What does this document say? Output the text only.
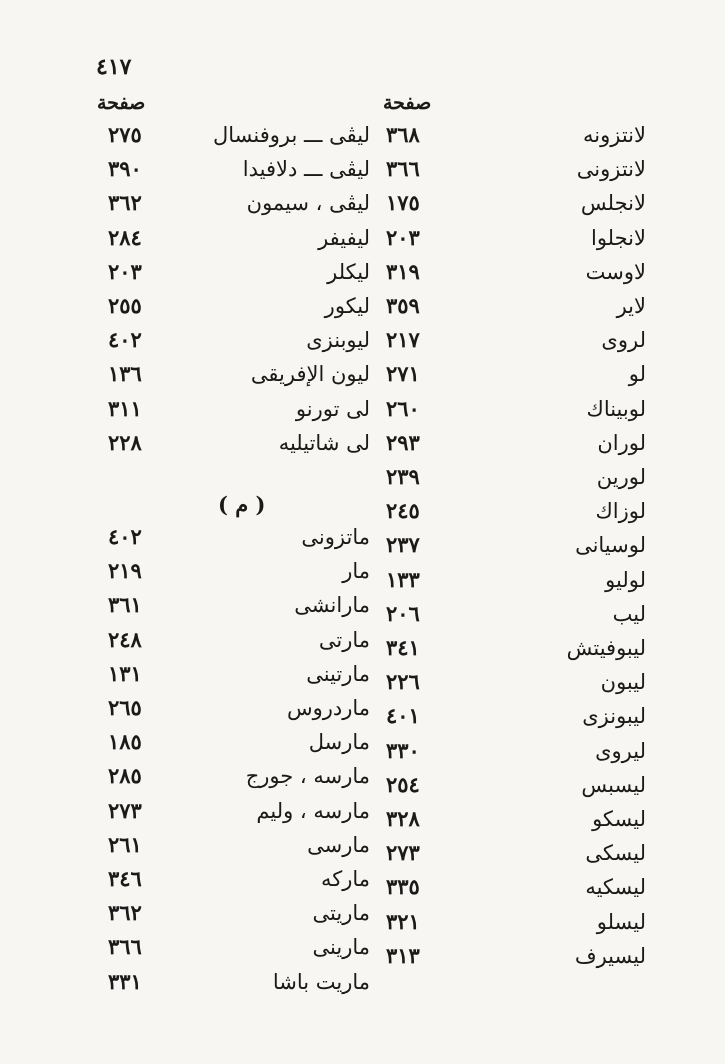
٤١٧
صفحة	صفحة
لانتزونه
٣٦٨
لانتزونى
٣٦٦
لانجلس
١٧٥
لانجلوا
٢٠٣
لاوست
٣١٩
لاير
٣٥٩
لروى
٢١٧
لو
٢٧١
لوبيناك
٢٦٠
لوران
٢٩٣
لورين
٢٣٩
لوزاك
٢٤٥
لوسيانى
٢٣٧
لوليو
١٣٣
ليب
٢٠٦
ليبوفيتش
٣٤١
ليبون
٢٢٦
ليبونزى
٤٠١
ليروى
٣٣٠
ليسبس
٢٥٤
ليسكو
٣٢٨
ليسكى
٢٧٣
ليسكيه
٣٣٥
ليسلو
٣٢١
ليسيرف
٣١٣
ليڤى ـــ بروفنسال
٢٧٥
ليڤى ـــ دلافيدا
٣٩٠
ليڤى ، سيمون
٣٦٢
ليفيفر
٢٨٤
ليكلر
٢٠٣
ليكور
٢٥٥
ليوبنزى
٤٠٢
ليون الإفريقى
١٣٦
لى تورنو
٣١١
لى شاتيليه
٢٢٨
ماتزونى
٤٠٢
مار
٢١٩
مارانشى
٣٦١
مارتى
٢٤٨
مارتينى
١٣١
ماردروس
٢٦٥
مارسل
١٨٥
مارسه ، جورج
٢٨٥
مارسه ، وليم
٢٧٣
مارسى
٢٦١
ماركه
٣٤٦
ماريتى
٣٦٢
مارينى
٣٦٦
ماريت باشا
٣٣١
( م )
